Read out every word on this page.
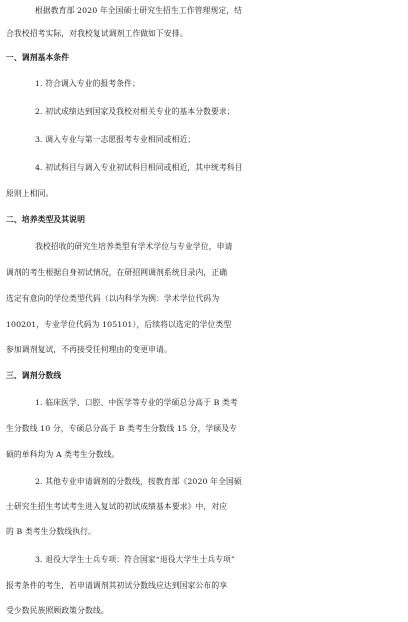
根据教育部 2020 年全国硕士研究生招生工作管理规定，结
合我校招考实际，对我校复试调剂工作做如下安排。
一、调剂基本条件
1. 符合调入专业的报考条件；
2. 初试成绩达到国家及我校对相关专业的基本分数要求；
3. 调入专业与第一志愿报考专业相同或相近；
4. 初试科目与调入专业初试科目相同或相近，其中统考科目
原则上相同。
二、培养类型及其说明
我校招收的研究生培养类型有学术学位与专业学位，申请
调剂的考生根据自身初试情况，在研招网调剂系统目录内，正确
选定有意向的学位类型代码（以内科学为例：学术学位代码为
100201，专业学位代码为 105101），后续将以选定的学位类型
参加调剂复试，不再接受任何理由的变更申请。
三、调剂分数线
1. 临床医学、口腔、中医学等专业的学硕总分高于 B 类考
生分数线 10 分，专硕总分高于 B 类考生分数线 15 分，学硕及专
硕的单科均为 A 类考生分数线。
2. 其他专业申请调剂的分数线，按教育部《2020 年全国硕
士研究生招生考试考生进入复试的初试成绩基本要求》中，对应
的 B 类考生分数线执行。
3. 退役大学生士兵专项：符合国家“退役大学生士兵专项”
报考条件的考生，若申请调剂其初试分数线应达到国家公布的享
受少数民族照顾政策分数线。
